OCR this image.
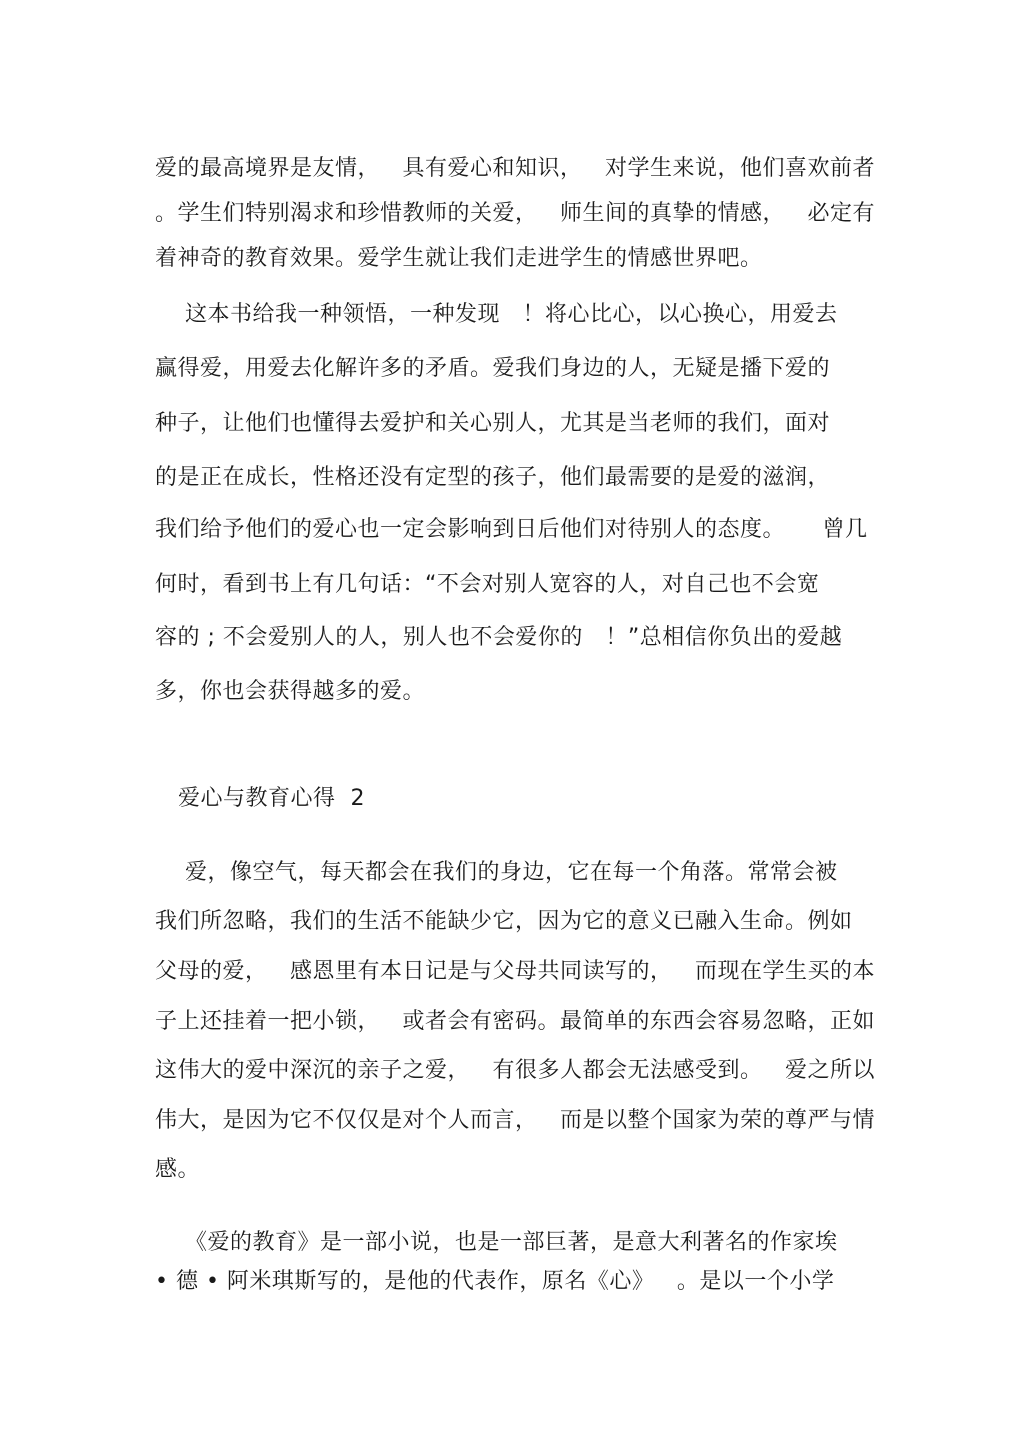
爱的最高境界是友情，   具有爱心和知识，   对学生来说，他们喜欢前者
。学生们特别渴求和珍惜教师的关爱，   师生间的真挚的情感，   必定有
着神奇的教育效果。爱学生就让我们走进学生的情感世界吧。
这本书给我一种领悟，一种发现   ！将心比心，以心换心，用爱去
赢得爱，用爱去化解许多的矛盾。爱我们身边的人，无疑是播下爱的
种子，让他们也懂得去爱护和关心别人，尤其是当老师的我们，面对
的是正在成长，性格还没有定型的孩子，他们最需要的是爱的滋润，
我们给予他们的爱心也一定会影响到日后他们对待别人的态度。     曾几
何时，看到书上有几句话：“不会对别人宽容的人，对自己也不会宽
容的 ; 不会爱别人的人，别人也不会爱你的   ！”总相信你负出的爱越
多，你也会获得越多的爱。
爱心与教育心得  2
爱，像空气，每天都会在我们的身边，它在每一个角落。常常会被
我们所忽略，我们的生活不能缺少它，因为它的意义已融入生命。例如
父母的爱，   感恩里有本日记是与父母共同读写的，   而现在学生买的本
子上还挂着一把小锁，   或者会有密码。最简单的东西会容易忽略，正如
这伟大的爱中深沉的亲子之爱，   有很多人都会无法感受到。   爱之所以
伟大，是因为它不仅仅是对个人而言，   而是以整个国家为荣的尊严与情
感。
《爱的教育》是一部小说，也是一部巨著，是意大利著名的作家埃
• 德 • 阿米琪斯写的，是他的代表作，原名《心》   。是以一个小学
